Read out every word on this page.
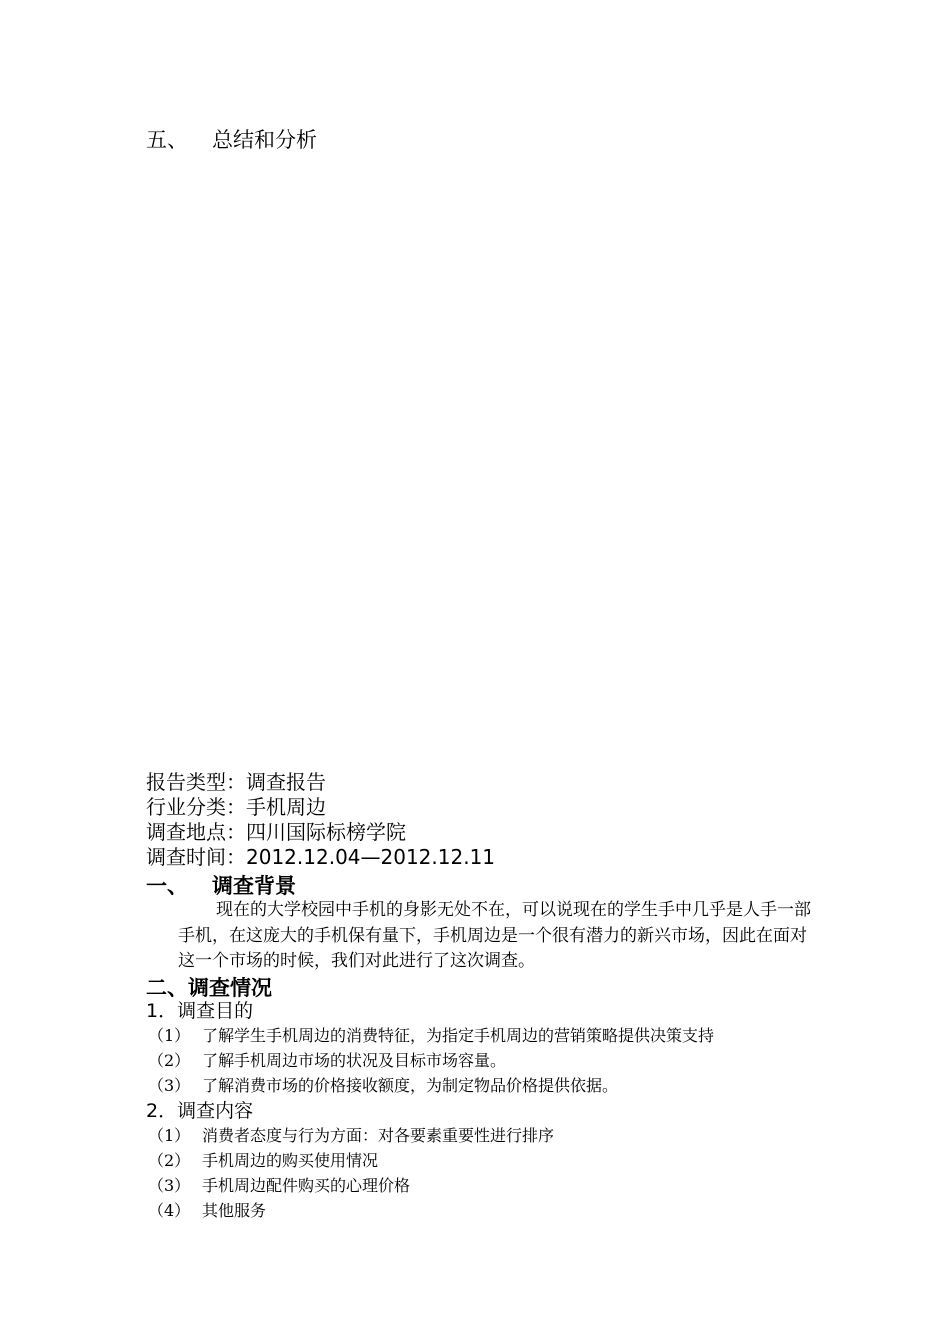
五、 总结和分析
报告类型：调查报告
行业分类：手机周边
调查地点：四川国际标榜学院
调查时间：2012.12.04—2012.12.11
一、 调查背景
现在的大学校园中手机的身影无处不在，可以说现在的学生手中几乎是人手一部手机，在这庞大的手机保有量下，手机周边是一个很有潜力的新兴市场，因此在面对这一个市场的时候，我们对此进行了这次调查。
二、调查情况
1．调查目的
（1） 了解学生手机周边的消费特征，为指定手机周边的营销策略提供决策支持
（2） 了解手机周边市场的状况及目标市场容量。
（3） 了解消费市场的价格接收额度，为制定物品价格提供依据。
2．调查内容
（1） 消费者态度与行为方面：对各要素重要性进行排序
（2） 手机周边的购买使用情况
（3） 手机周边配件购买的心理价格
（4） 其他服务
